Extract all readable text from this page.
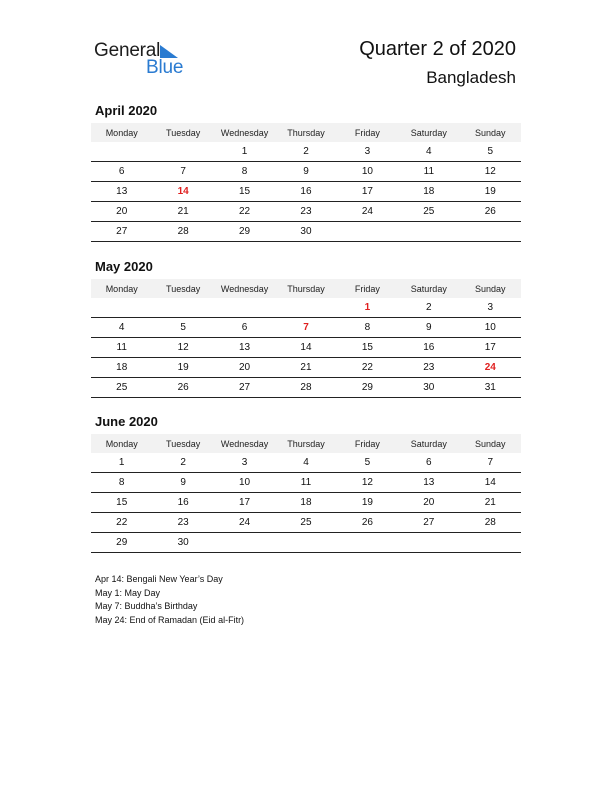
General
Blue
Quarter 2 of 2020
Bangladesh
April 2020
Monday	Tuesday	Wednesday	Thursday	Friday	Saturday	Sunday
		1	2	3	4	5
6	7	8	9	10	11	12
13	14	15	16	17	18	19
20	21	22	23	24	25	26
27	28	29	30			
May 2020
Monday	Tuesday	Wednesday	Thursday	Friday	Saturday	Sunday
				1	2	3
4	5	6	7	8	9	10
11	12	13	14	15	16	17
18	19	20	21	22	23	24
25	26	27	28	29	30	31
June 2020
Monday	Tuesday	Wednesday	Thursday	Friday	Saturday	Sunday
1	2	3	4	5	6	7
8	9	10	11	12	13	14
15	16	17	18	19	20	21
22	23	24	25	26	27	28
29	30					
Apr 14: Bengali New Year’s Day
May 1: May Day
May 7: Buddha’s Birthday
May 24: End of Ramadan (Eid al-Fitr)
